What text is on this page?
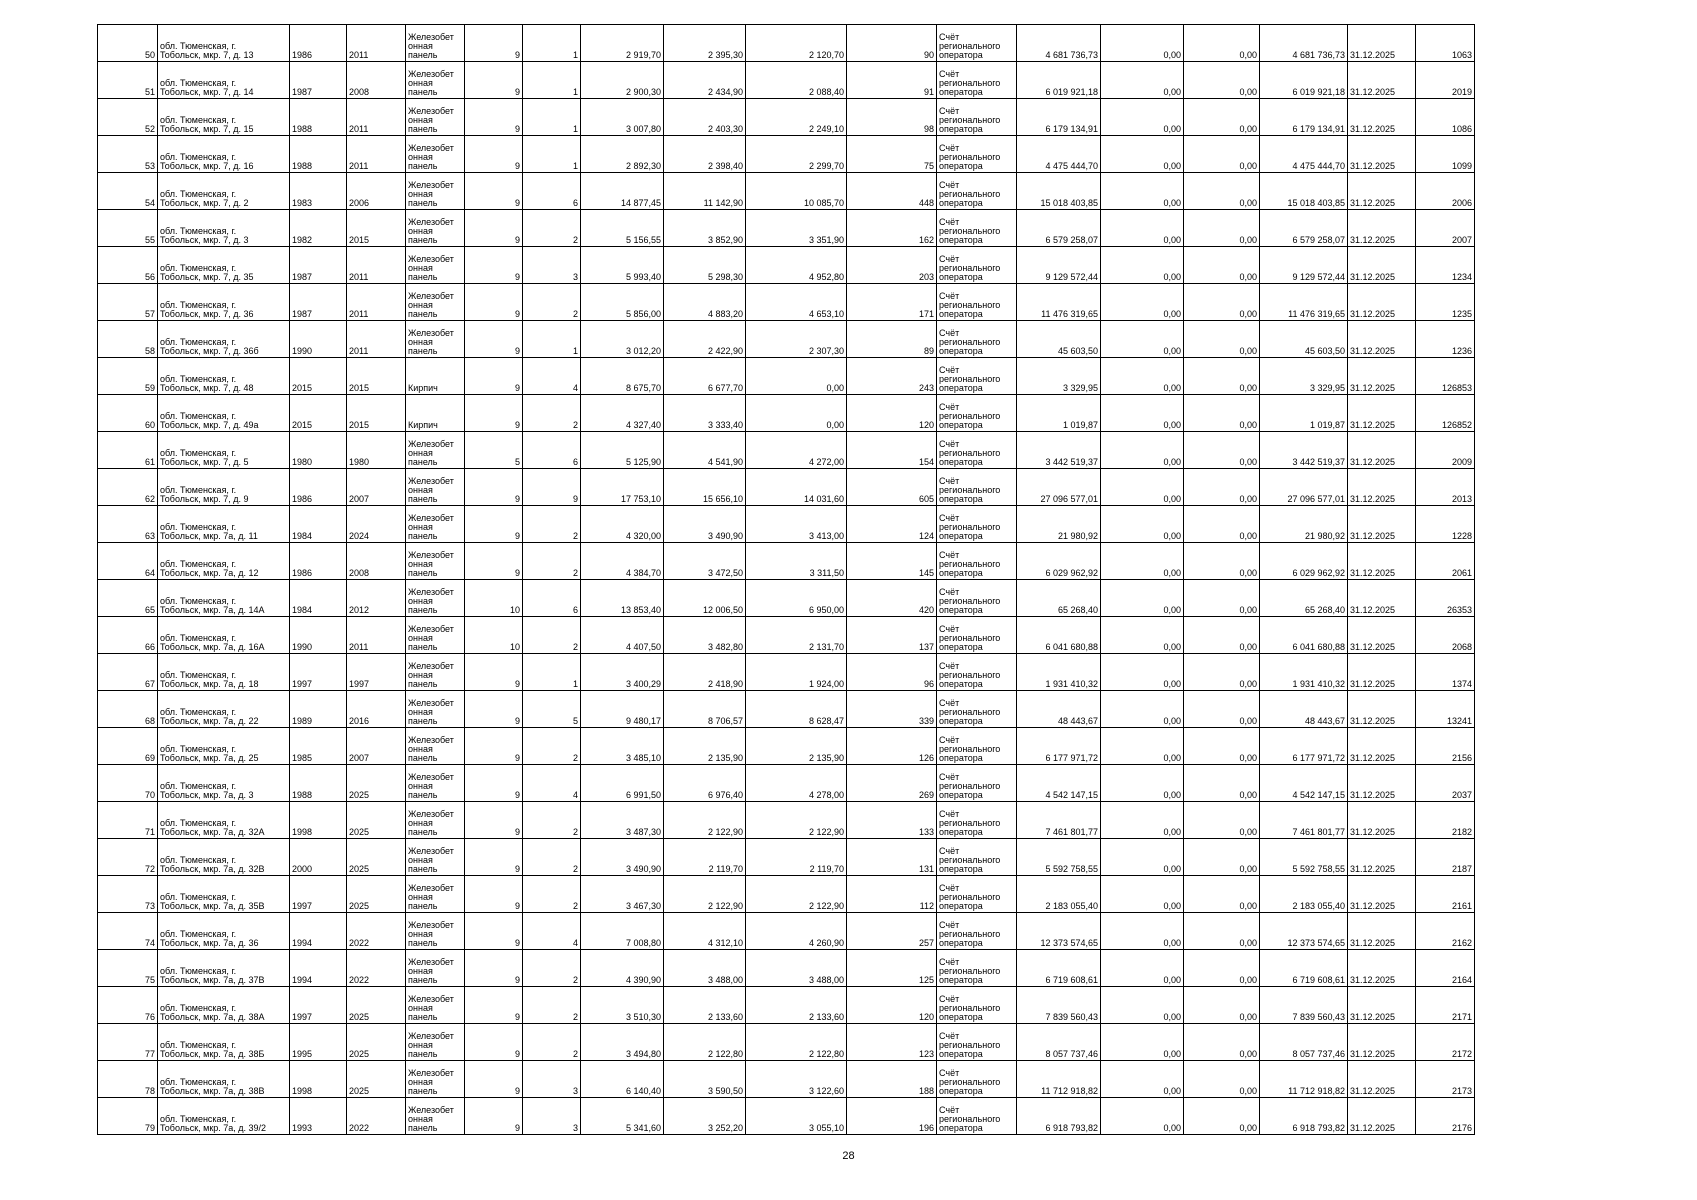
50	обл. Тюменская, г.
Тобольск, мкр. 7, д. 13	1986	2011	Железобет
онная
панель	9	1	2 919,70	2 395,30	2 120,70	90	Счёт
регионального
оператора	4 681 736,73	0,00	0,00	4 681 736,73	31.12.2025	1063
51	обл. Тюменская, г.
Тобольск, мкр. 7, д. 14	1987	2008	Железобет
онная
панель	9	1	2 900,30	2 434,90	2 088,40	91	Счёт
регионального
оператора	6 019 921,18	0,00	0,00	6 019 921,18	31.12.2025	2019
52	обл. Тюменская, г.
Тобольск, мкр. 7, д. 15	1988	2011	Железобет
онная
панель	9	1	3 007,80	2 403,30	2 249,10	98	Счёт
регионального
оператора	6 179 134,91	0,00	0,00	6 179 134,91	31.12.2025	1086
53	обл. Тюменская, г.
Тобольск, мкр. 7, д. 16	1988	2011	Железобет
онная
панель	9	1	2 892,30	2 398,40	2 299,70	75	Счёт
регионального
оператора	4 475 444,70	0,00	0,00	4 475 444,70	31.12.2025	1099
54	обл. Тюменская, г.
Тобольск, мкр. 7, д. 2	1983	2006	Железобет
онная
панель	9	6	14 877,45	11 142,90	10 085,70	448	Счёт
регионального
оператора	15 018 403,85	0,00	0,00	15 018 403,85	31.12.2025	2006
55	обл. Тюменская, г.
Тобольск, мкр. 7, д. 3	1982	2015	Железобет
онная
панель	9	2	5 156,55	3 852,90	3 351,90	162	Счёт
регионального
оператора	6 579 258,07	0,00	0,00	6 579 258,07	31.12.2025	2007
56	обл. Тюменская, г.
Тобольск, мкр. 7, д. 35	1987	2011	Железобет
онная
панель	9	3	5 993,40	5 298,30	4 952,80	203	Счёт
регионального
оператора	9 129 572,44	0,00	0,00	9 129 572,44	31.12.2025	1234
57	обл. Тюменская, г.
Тобольск, мкр. 7, д. 36	1987	2011	Железобет
онная
панель	9	2	5 856,00	4 883,20	4 653,10	171	Счёт
регионального
оператора	11 476 319,65	0,00	0,00	11 476 319,65	31.12.2025	1235
58	обл. Тюменская, г.
Тобольск, мкр. 7, д. 36б	1990	2011	Железобет
онная
панель	9	1	3 012,20	2 422,90	2 307,30	89	Счёт
регионального
оператора	45 603,50	0,00	0,00	45 603,50	31.12.2025	1236
59	обл. Тюменская, г.
Тобольск, мкр. 7, д. 48	2015	2015	Кирпич	9	4	8 675,70	6 677,70	0,00	243	Счёт
регионального
оператора	3 329,95	0,00	0,00	3 329,95	31.12.2025	126853
60	обл. Тюменская, г.
Тобольск, мкр. 7, д. 49а	2015	2015	Кирпич	9	2	4 327,40	3 333,40	0,00	120	Счёт
регионального
оператора	1 019,87	0,00	0,00	1 019,87	31.12.2025	126852
61	обл. Тюменская, г.
Тобольск, мкр. 7, д. 5	1980	1980	Железобет
онная
панель	5	6	5 125,90	4 541,90	4 272,00	154	Счёт
регионального
оператора	3 442 519,37	0,00	0,00	3 442 519,37	31.12.2025	2009
62	обл. Тюменская, г.
Тобольск, мкр. 7, д. 9	1986	2007	Железобет
онная
панель	9	9	17 753,10	15 656,10	14 031,60	605	Счёт
регионального
оператора	27 096 577,01	0,00	0,00	27 096 577,01	31.12.2025	2013
63	обл. Тюменская, г.
Тобольск, мкр. 7а, д. 11	1984	2024	Железобет
онная
панель	9	2	4 320,00	3 490,90	3 413,00	124	Счёт
регионального
оператора	21 980,92	0,00	0,00	21 980,92	31.12.2025	1228
64	обл. Тюменская, г.
Тобольск, мкр. 7а, д. 12	1986	2008	Железобет
онная
панель	9	2	4 384,70	3 472,50	3 311,50	145	Счёт
регионального
оператора	6 029 962,92	0,00	0,00	6 029 962,92	31.12.2025	2061
65	обл. Тюменская, г.
Тобольск, мкр. 7а, д. 14А	1984	2012	Железобет
онная
панель	10	6	13 853,40	12 006,50	6 950,00	420	Счёт
регионального
оператора	65 268,40	0,00	0,00	65 268,40	31.12.2025	26353
66	обл. Тюменская, г.
Тобольск, мкр. 7а, д. 16А	1990	2011	Железобет
онная
панель	10	2	4 407,50	3 482,80	2 131,70	137	Счёт
регионального
оператора	6 041 680,88	0,00	0,00	6 041 680,88	31.12.2025	2068
67	обл. Тюменская, г.
Тобольск, мкр. 7а, д. 18	1997	1997	Железобет
онная
панель	9	1	3 400,29	2 418,90	1 924,00	96	Счёт
регионального
оператора	1 931 410,32	0,00	0,00	1 931 410,32	31.12.2025	1374
68	обл. Тюменская, г.
Тобольск, мкр. 7а, д. 22	1989	2016	Железобет
онная
панель	9	5	9 480,17	8 706,57	8 628,47	339	Счёт
регионального
оператора	48 443,67	0,00	0,00	48 443,67	31.12.2025	13241
69	обл. Тюменская, г.
Тобольск, мкр. 7а, д. 25	1985	2007	Железобет
онная
панель	9	2	3 485,10	2 135,90	2 135,90	126	Счёт
регионального
оператора	6 177 971,72	0,00	0,00	6 177 971,72	31.12.2025	2156
70	обл. Тюменская, г.
Тобольск, мкр. 7а, д. 3	1988	2025	Железобет
онная
панель	9	4	6 991,50	6 976,40	4 278,00	269	Счёт
регионального
оператора	4 542 147,15	0,00	0,00	4 542 147,15	31.12.2025	2037
71	обл. Тюменская, г.
Тобольск, мкр. 7а, д. 32А	1998	2025	Железобет
онная
панель	9	2	3 487,30	2 122,90	2 122,90	133	Счёт
регионального
оператора	7 461 801,77	0,00	0,00	7 461 801,77	31.12.2025	2182
72	обл. Тюменская, г.
Тобольск, мкр. 7а, д. 32В	2000	2025	Железобет
онная
панель	9	2	3 490,90	2 119,70	2 119,70	131	Счёт
регионального
оператора	5 592 758,55	0,00	0,00	5 592 758,55	31.12.2025	2187
73	обл. Тюменская, г.
Тобольск, мкр. 7а, д. 35В	1997	2025	Железобет
онная
панель	9	2	3 467,30	2 122,90	2 122,90	112	Счёт
регионального
оператора	2 183 055,40	0,00	0,00	2 183 055,40	31.12.2025	2161
74	обл. Тюменская, г.
Тобольск, мкр. 7а, д. 36	1994	2022	Железобет
онная
панель	9	4	7 008,80	4 312,10	4 260,90	257	Счёт
регионального
оператора	12 373 574,65	0,00	0,00	12 373 574,65	31.12.2025	2162
75	обл. Тюменская, г.
Тобольск, мкр. 7а, д. 37В	1994	2022	Железобет
онная
панель	9	2	4 390,90	3 488,00	3 488,00	125	Счёт
регионального
оператора	6 719 608,61	0,00	0,00	6 719 608,61	31.12.2025	2164
76	обл. Тюменская, г.
Тобольск, мкр. 7а, д. 38А	1997	2025	Железобет
онная
панель	9	2	3 510,30	2 133,60	2 133,60	120	Счёт
регионального
оператора	7 839 560,43	0,00	0,00	7 839 560,43	31.12.2025	2171
77	обл. Тюменская, г.
Тобольск, мкр. 7а, д. 38Б	1995	2025	Железобет
онная
панель	9	2	3 494,80	2 122,80	2 122,80	123	Счёт
регионального
оператора	8 057 737,46	0,00	0,00	8 057 737,46	31.12.2025	2172
78	обл. Тюменская, г.
Тобольск, мкр. 7а, д. 38В	1998	2025	Железобет
онная
панель	9	3	6 140,40	3 590,50	3 122,60	188	Счёт
регионального
оператора	11 712 918,82	0,00	0,00	11 712 918,82	31.12.2025	2173
79	обл. Тюменская, г.
Тобольск, мкр. 7а, д. 39/2	1993	2022	Железобет
онная
панель	9	3	5 341,60	3 252,20	3 055,10	196	Счёт
регионального
оператора	6 918 793,82	0,00	0,00	6 918 793,82	31.12.2025	2176
28
